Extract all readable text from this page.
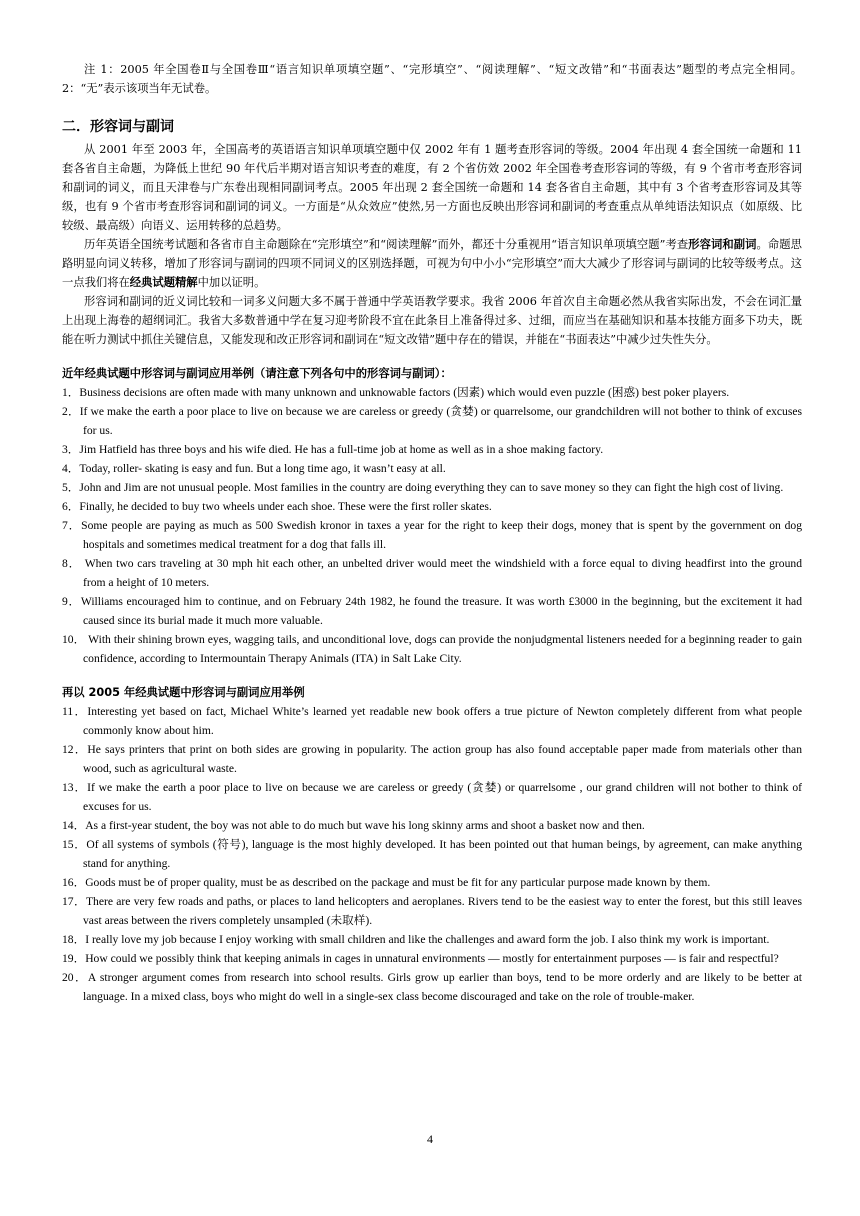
注 1：2005 年全国卷Ⅱ与全国卷Ⅲ“语言知识单项填空题”、“完形填空”、“阅读理解”、“短文改错”和“书面表达”题型的考点完全相同。2：“无”表示该项当年无试卷。

二．形容词与副词

从 2001 年至 2003 年，全国高考的英语语言知识单项填空题中仅 2002 年有 1 题考查形容词的等级。2004 年出现 4 套全国统一命题和 11 套各省自主命题，为降低上世纪 90 年代后半期对语言知识考查的难度，有 2 个省仿效 2002 年全国卷考查形容词的等级，有 9 个省市考查形容词和副词的词义，而且天津卷与广东卷出现相同副词考点。2005 年出现 2 套全国统一命题和 14 套各省自主命题，其中有 3 个省考查形容词及其等级，也有 9 个省市考查形容词和副词的词义。一方面是“从众效应”使然,另一方面也反映出形容词和副词的考查重点从单纯语法知识点（如原级、比较级、最高级）向语义、运用转移的总趋势。

历年英语全国统考试题和各省市自主命题除在“完形填空”和“阅读理解”而外，都还十分重视用“语言知识单项填空题”考查形容词和副词。命题思路明显向词义转移，增加了形容词与副词的四项不同词义的区别选择题，可视为句中小小“完形填空”而大大减少了形容词与副词的比较等级考点。这一点我们将在经典试题精解中加以证明。

形容词和副词的近义词比较和一词多义问题大多不属于普通中学英语教学要求。我省 2006 年首次自主命题必然从我省实际出发，不会在词汇量上出现上海卷的超纲词汇。我省大多数普通中学在复习迎考阶段不宜在此条目上准备得过多、过细，而应当在基础知识和基本技能方面多下功夫，既能在听力测试中抓住关键信息，又能发现和改正形容词和副词在“短文改错”题中存在的错误，并能在“书面表达”中减少过失性失分。

近年经典试题中形容词与副词应用举例（请注意下列各句中的形容词与副词）：
1．Business decisions are often made with many unknown and unknowable factors (因素) which would even puzzle (困惑) best poker players.
2．If we make the earth a poor place to live on because we are careless or greedy (贪婪) or quarrelsome, our grandchildren will not bother to think of excuses for us.
3．Jim Hatfield has three boys and his wife died. He has a full-time job at home as well as in a shoe making factory.
4．Today, roller- skating is easy and fun. But a long time ago, it wasn’t easy at all.
5．John and Jim are not unusual people. Most families in the country are doing everything they can to save money so they can fight the high cost of living.
6．Finally, he decided to buy two wheels under each shoe. These were the first roller skates.
7．Some people are paying as much as 500 Swedish kronor in taxes a year for the right to keep their dogs, money that is spent by the government on dog hospitals and sometimes medical treatment for a dog that falls ill.
8． When two cars traveling at 30 mph hit each other, an unbelted driver would meet the windshield with a force equal to diving headfirst into the ground from a height of 10 meters.
9．Williams encouraged him to continue, and on February 24th 1982, he found the treasure. It was worth £3000 in the beginning, but the excitement it had caused since its burial made it much more valuable.
10． With their shining brown eyes, wagging tails, and unconditional love, dogs can provide the nonjudgmental listeners needed for a beginning reader to gain confidence, according to Intermountain Therapy Animals (ITA) in Salt Lake City.
再以 2005 年经典试题中形容词与副词应用举例
11．Interesting yet based on fact, Michael White’s learned yet readable new book offers a true picture of Newton completely different from what people commonly know about him.
12．He says printers that print on both sides are growing in popularity. The action group has also found acceptable paper made from materials other than wood, such as agricultural waste.
13．If we make the earth a poor place to live on because we are careless or greedy (贪婪) or quarrelsome , our grand children will not bother to think of excuses for us.
14．As a first-year student, the boy was not able to do much but wave his long skinny arms and shoot a basket now and then.
15．Of all systems of symbols (符号), language is the most highly developed. It has been pointed out that human beings, by agreement, can make anything stand for anything.
16．Goods must be of proper quality, must be as described on the package and must be fit for any particular purpose made known by them.
17．There are very few roads and paths, or places to land helicopters and aeroplanes. Rivers tend to be the easiest way to enter the forest, but this still leaves vast areas between the rivers completely unsampled (未取样).
18．I really love my job because I enjoy working with small children and like the challenges and award form the job. I also think my work is important.
19．How could we possibly think that keeping animals in cages in unnatural environments — mostly for entertainment purposes — is fair and respectful?
20．A stronger argument comes from research into school results. Girls grow up earlier than boys, tend to be more orderly and are likely to be better at language. In a mixed class, boys who might do well in a single-sex class become discouraged and take on the role of trouble-maker.
4
